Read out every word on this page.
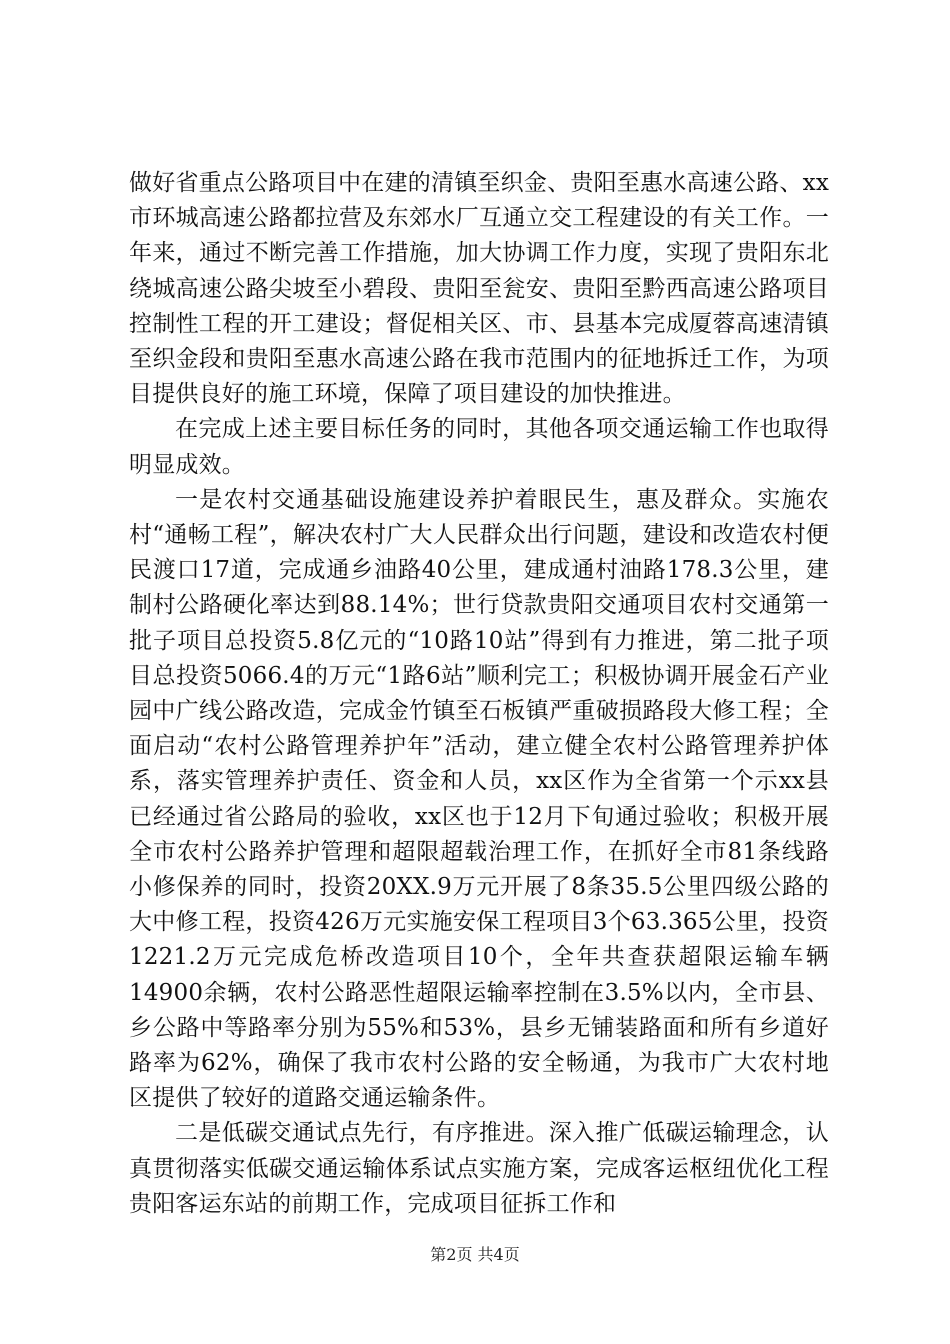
做好省重点公路项目中在建的清镇至织金、贵阳至惠水高速公路、xx市环城高速公路都拉营及东郊水厂互通立交工程建设的有关工作。一年来，通过不断完善工作措施，加大协调工作力度，实现了贵阳东北绕城高速公路尖坡至小碧段、贵阳至瓮安、贵阳至黔西高速公路项目控制性工程的开工建设；督促相关区、市、县基本完成厦蓉高速清镇至织金段和贵阳至惠水高速公路在我市范围内的征地拆迁工作，为项目提供良好的施工环境，保障了项目建设的加快推进。

在完成上述主要目标任务的同时，其他各项交通运输工作也取得明显成效。

一是农村交通基础设施建设养护着眼民生，惠及群众。实施农村“通畅工程”，解决农村广大人民群众出行问题，建设和改造农村便民渡口17道，完成通乡油路40公里，建成通村油路178.3公里，建制村公路硬化率达到88.14%；世行贷款贵阳交通项目农村交通第一批子项目总投资5.8亿元的“10路10站”得到有力推进，第二批子项目总投资5066.4的万元“1路6站”顺利完工；积极协调开展金石产业园中广线公路改造，完成金竹镇至石板镇严重破损路段大修工程；全面启动“农村公路管理养护年”活动，建立健全农村公路管理养护体系，落实管理养护责任、资金和人员，xx区作为全省第一个示xx县已经通过省公路局的验收，xx区也于12月下旬通过验收；积极开展全市农村公路养护管理和超限超载治理工作，在抓好全市81条线路小修保养的同时，投资20XX.9万元开展了8条35.5公里四级公路的大中修工程，投资426万元实施安保工程项目3个63.365公里，投资1221.2万元完成危桥改造项目10个，全年共查获超限运输车辆14900余辆，农村公路恶性超限运输率控制在3.5%以内，全市县、乡公路中等路率分别为55%和53%，县乡无铺装路面和所有乡道好路率为62%，确保了我市农村公路的安全畅通，为我市广大农村地区提供了较好的道路交通运输条件。

二是低碳交通试点先行，有序推进。深入推广低碳运输理念，认真贯彻落实低碳交通运输体系试点实施方案，完成客运枢纽优化工程贵阳客运东站的前期工作，完成项目征拆工作和

第2页 共4页
